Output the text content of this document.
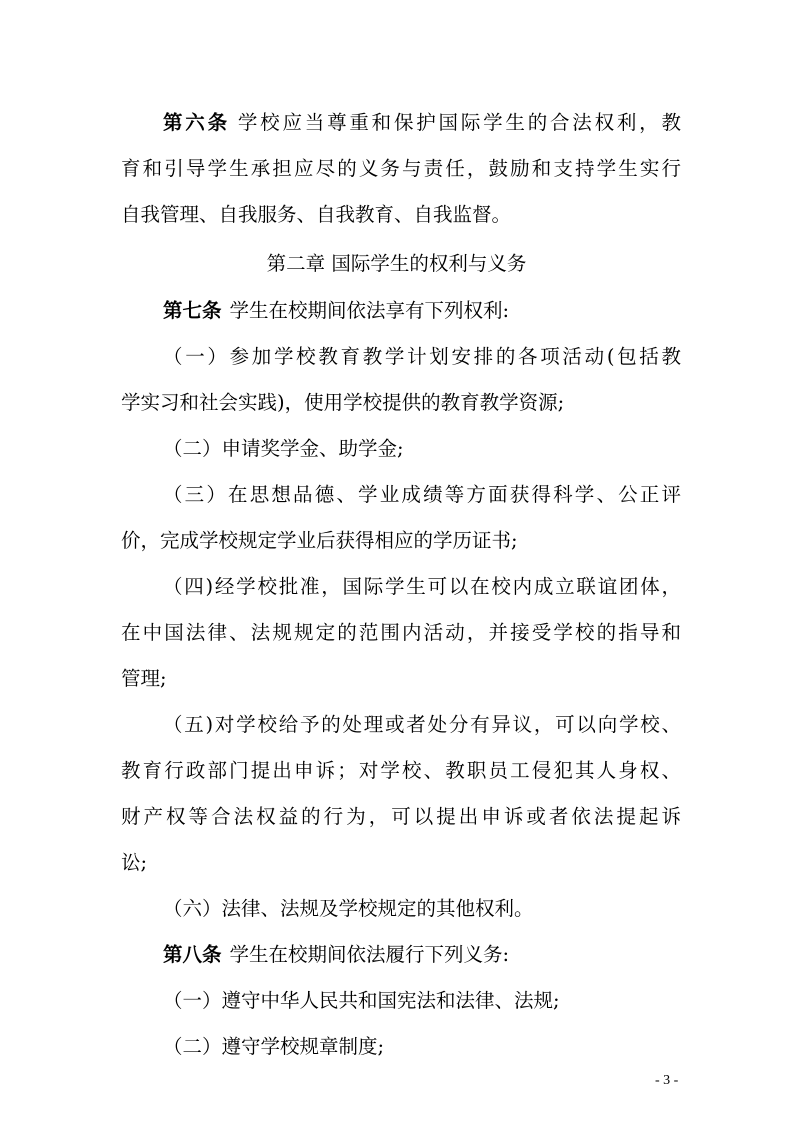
第六条 学校应当尊重和保护国际学生的合法权利，教
育和引导学生承担应尽的义务与责任，鼓励和支持学生实行
自我管理、自我服务、自我教育、自我监督。
第二章 国际学生的权利与义务
第七条 学生在校期间依法享有下列权利:
（一）参加学校教育教学计划安排的各项活动(包括教
学实习和社会实践)，使用学校提供的教育教学资源;
（二）申请奖学金、助学金;
（三）在思想品德、学业成绩等方面获得科学、公正评
价，完成学校规定学业后获得相应的学历证书;
（四)经学校批准，国际学生可以在校内成立联谊团体，
在中国法律、法规规定的范围内活动，并接受学校的指导和
管理;
（五)对学校给予的处理或者处分有异议，可以向学校、
教育行政部门提出申诉；对学校、教职员工侵犯其人身权、
财产权等合法权益的行为，可以提出申诉或者依法提起诉
讼;
（六）法律、法规及学校规定的其他权利。
第八条 学生在校期间依法履行下列义务:
（一）遵守中华人民共和国宪法和法律、法规;
（二）遵守学校规章制度;
- 3 -
